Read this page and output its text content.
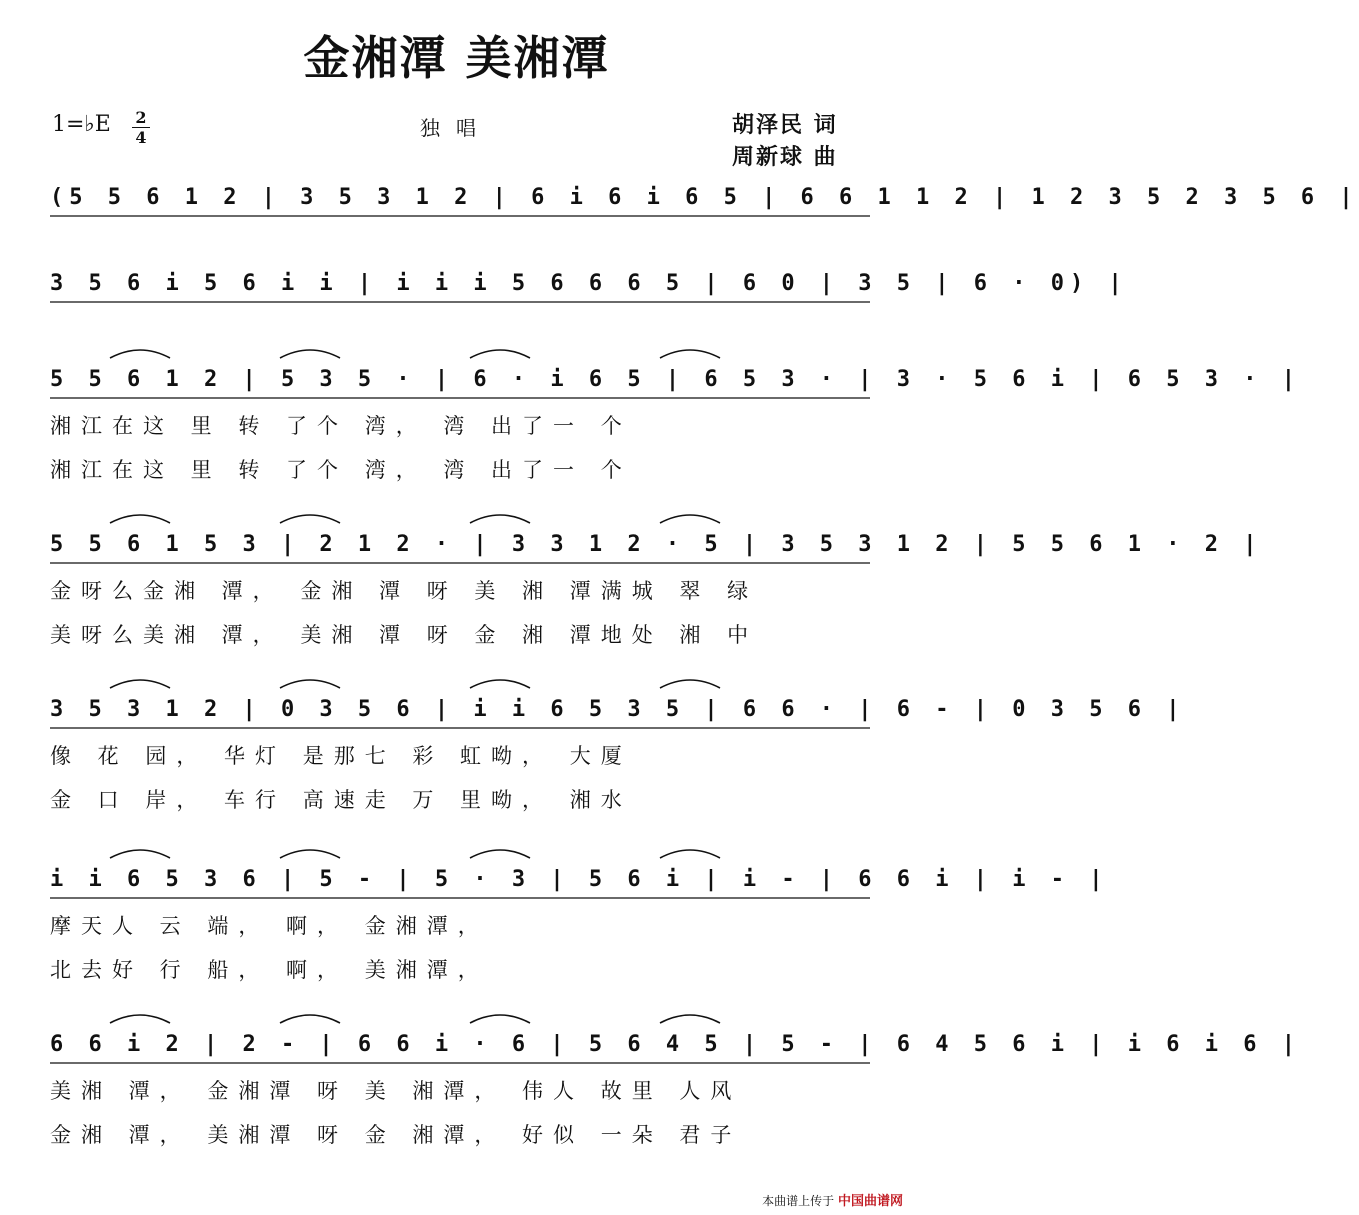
金湘潭 美湘潭
1=♭E	2
4	独唱	胡泽民 词
周新球 曲
(5 5 6 1 2 | 3 5 3 1 2 | 6 i 6 i 6 5 | 6 6 1 1 2 | 1 2 3 5 2 3 5 6 |
3 5 6 i 5 6 i i | i i i 5 6 6 6 5 | 6 0 | 3 5 | 6 · 0) |
5 5 6 1 2 | 5 3 5 · | 6 · i 6 5 | 6 5 3 · | 3 · 5 6 i | 6 5 3 · |
湘江在这 里 转 了个 湾， 湾 出了一 个
湘江在这 里 转 了个 湾， 湾 出了一 个
5 5 6 1 5 3 | 2 1 2 · | 3 3 1 2 · 5 | 3 5 3 1 2 | 5 5 6 1 · 2 |
金呀么金湘 潭， 金湘 潭 呀 美 湘 潭满城 翠 绿
美呀么美湘 潭， 美湘 潭 呀 金 湘 潭地处 湘 中
3 5 3 1 2 | 0 3 5 6 | i i 6 5 3 5 | 6 6 · | 6 - | 0 3 5 6 |
像 花 园， 华灯 是那七 彩 虹呦， 大厦
金 口 岸， 车行 高速走 万 里呦， 湘水
i i 6 5 3 6 | 5 - | 5 · 3 | 5 6 i | i - | 6 6 i | i - |
摩天人 云 端， 啊， 金湘潭，
北去好 行 船， 啊， 美湘潭，
6 6 i 2 | 2 - | 6 6 i · 6 | 5 6 4 5 | 5 - | 6 4 5 6 i | i 6 i 6 |
美湘 潭， 金湘潭 呀 美 湘潭， 伟人 故里 人风
金湘 潭， 美湘潭 呀 金 湘潭， 好似 一朵 君子
本曲谱上传于 中国曲谱网
